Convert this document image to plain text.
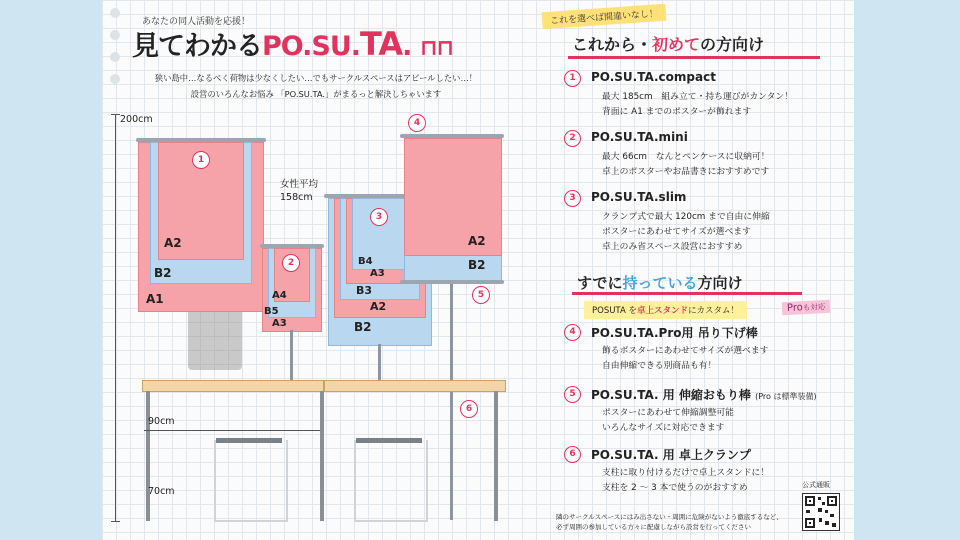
あなたの同人活動を応援！
見てわかるPO.SU.TA. ⊓⊓
狭い島中…なるべく荷物は少なくしたい…でもサークルスペースはアピールしたい…！
設営のいろんなお悩み 「PO.SU.TA.」がまるっと解決しちゃいます
200cm
女性平均
158cm
1
A2
B2
A1
2
A4
B5
A3
3
B4
A3
B3
A2
B2
4
A2
B2
5
6
90cm
70cm
これを選べば間違いなし！
これから・初めての方向け
1	PO.SU.TA.compact
最大 185cm　組み立て・持ち運びがカンタン！
背面に A1 までのポスターが飾れます
2	PO.SU.TA.mini
最大 66cm　なんとペンケースに収納可！
卓上のポスターやお品書きにおすすめです
3	PO.SU.TA.slim
クランプ式で最大 120cm まで自由に伸縮
ポスターにあわせてサイズが選べます
卓上のみ省スペース設営におすすめ
すでに持っている方向け
POSUTA を卓上スタンドにカスタム！	Proも対応
4	PO.SU.TA.Pro用 吊り下げ棒
飾るポスターにあわせてサイズが選べます
自由伸縮できる別商品も有！
5	PO.SU.TA. 用 伸縮おもり棒 (Pro は標準装備)
ポスターにあわせて伸縮調整可能
いろんなサイズに対応できます
6	PO.SU.TA. 用 卓上クランプ
支柱に取り付けるだけで卓上スタンドに！
支柱を 2 ～ 3 本で使うのがおすすめ
隣のサークルスペースにはみ出さない・周囲に危険がないよう徹底するなど、
必ず周囲の参加している方々に配慮しながら設営を行ってください
公式通販
